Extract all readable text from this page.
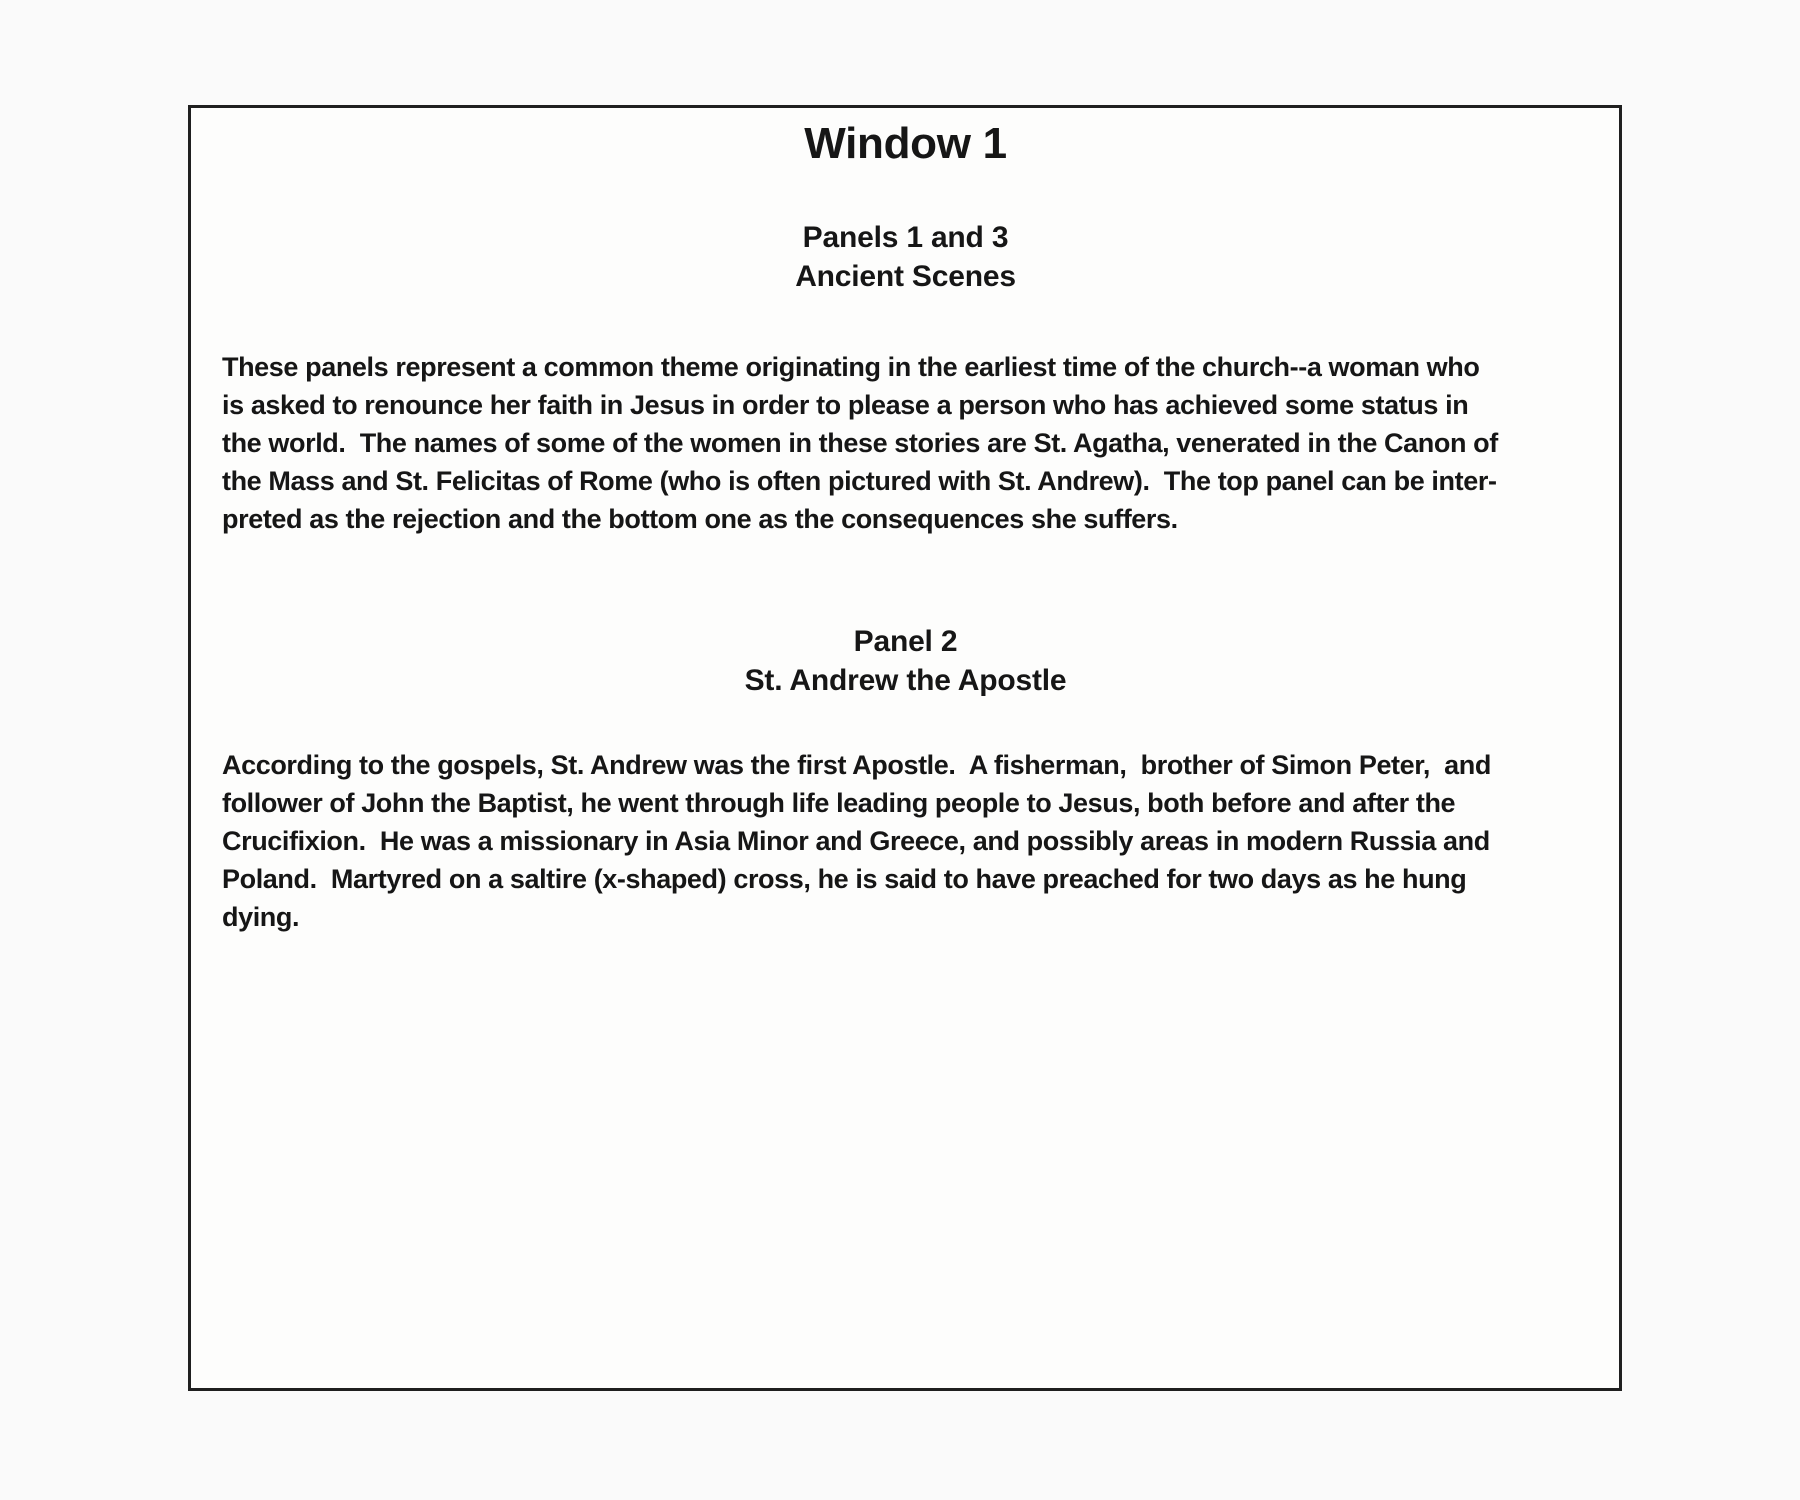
Window 1
Panels 1 and 3
Ancient Scenes
These panels represent a common theme originating in the earliest time of the church--a woman who
is asked to renounce her faith in Jesus in order to please a person who has achieved some status in
the world.  The names of some of the women in these stories are St. Agatha, venerated in the Canon of
the Mass and St. Felicitas of Rome (who is often pictured with St. Andrew).  The top panel can be inter-
preted as the rejection and the bottom one as the consequences she suffers.
Panel 2
St. Andrew the Apostle
According to the gospels, St. Andrew was the first Apostle.  A fisherman,  brother of Simon Peter,  and
follower of John the Baptist, he went through life leading people to Jesus, both before and after the
Crucifixion.  He was a missionary in Asia Minor and Greece, and possibly areas in modern Russia and
Poland.  Martyred on a saltire (x-shaped) cross, he is said to have preached for two days as he hung
dying.
